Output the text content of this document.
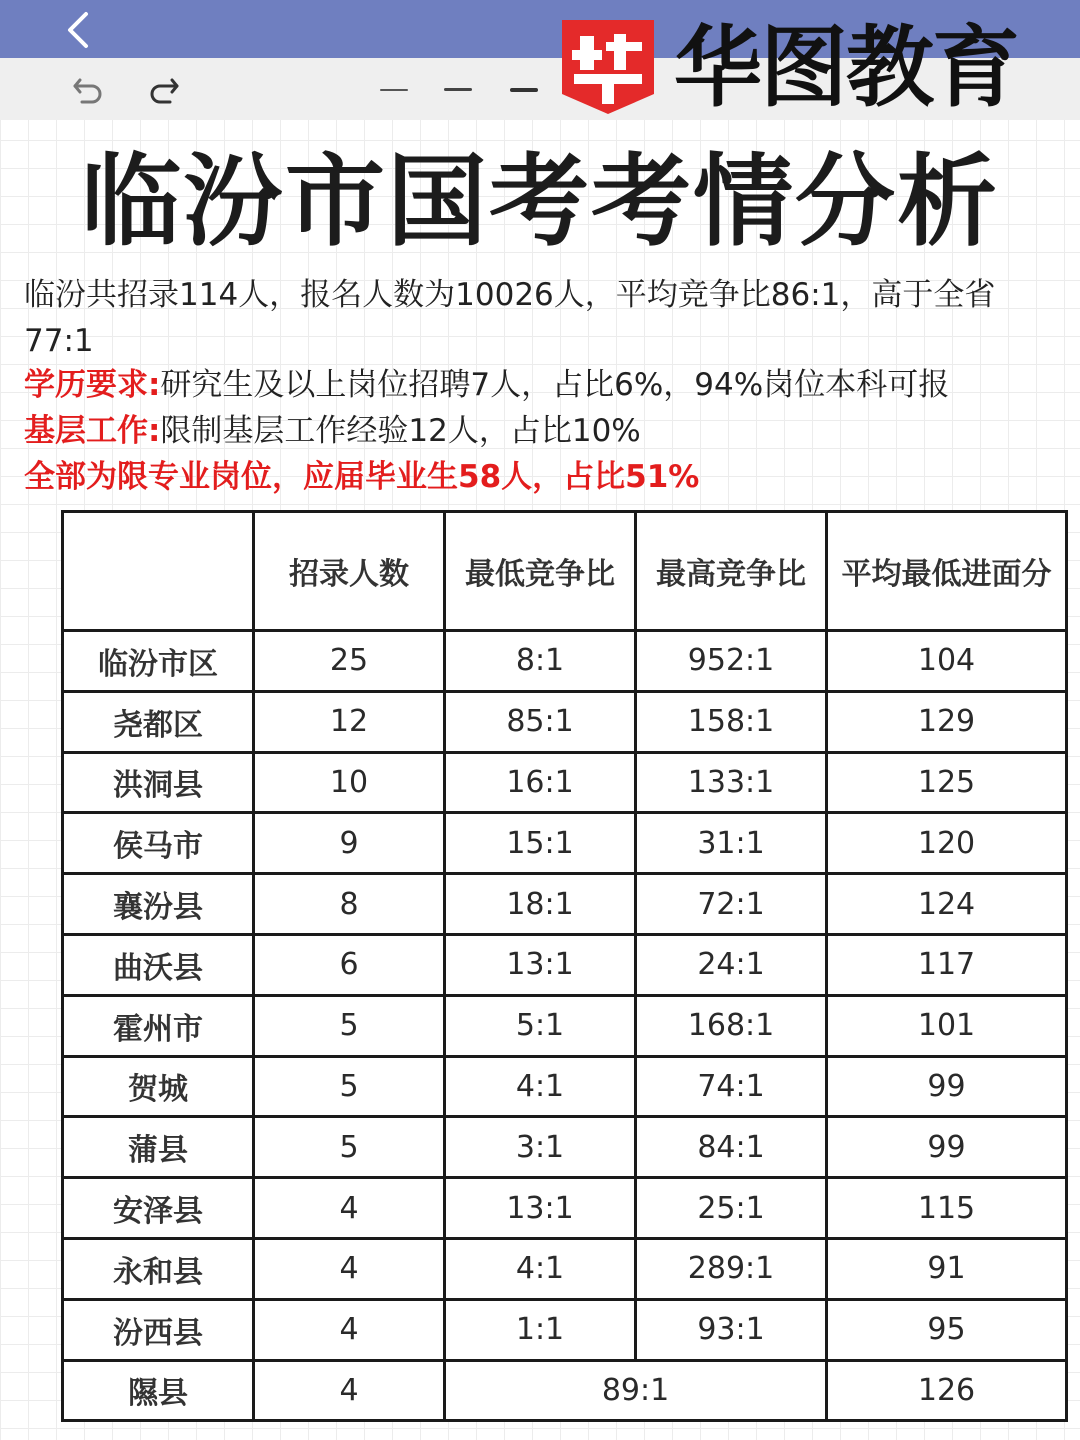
华图教育
临汾市国考考情分析
临汾共招录114人，报名人数为10026人，平均竞争比86:1，高于全省77:1
学历要求:研究生及以上岗位招聘7人，占比6%，94%岗位本科可报
基层工作:限制基层工作经验12人，占比10%
全部为限专业岗位，应届毕业生58人，占比51%
	招录人数	最低竞争比	最高竞争比	平均最低进面分
临汾市区	25	8:1	952:1	104
尧都区	12	85:1	158:1	129
洪洞县	10	16:1	133:1	125
侯马市	9	15:1	31:1	120
襄汾县	8	18:1	72:1	124
曲沃县	6	13:1	24:1	117
霍州市	5	5:1	168:1	101
贺城	5	4:1	74:1	99
蒲县	5	3:1	84:1	99
安泽县	4	13:1	25:1	115
永和县	4	4:1	289:1	91
汾西县	4	1:1	93:1	95
隰县	4	89:1		126
